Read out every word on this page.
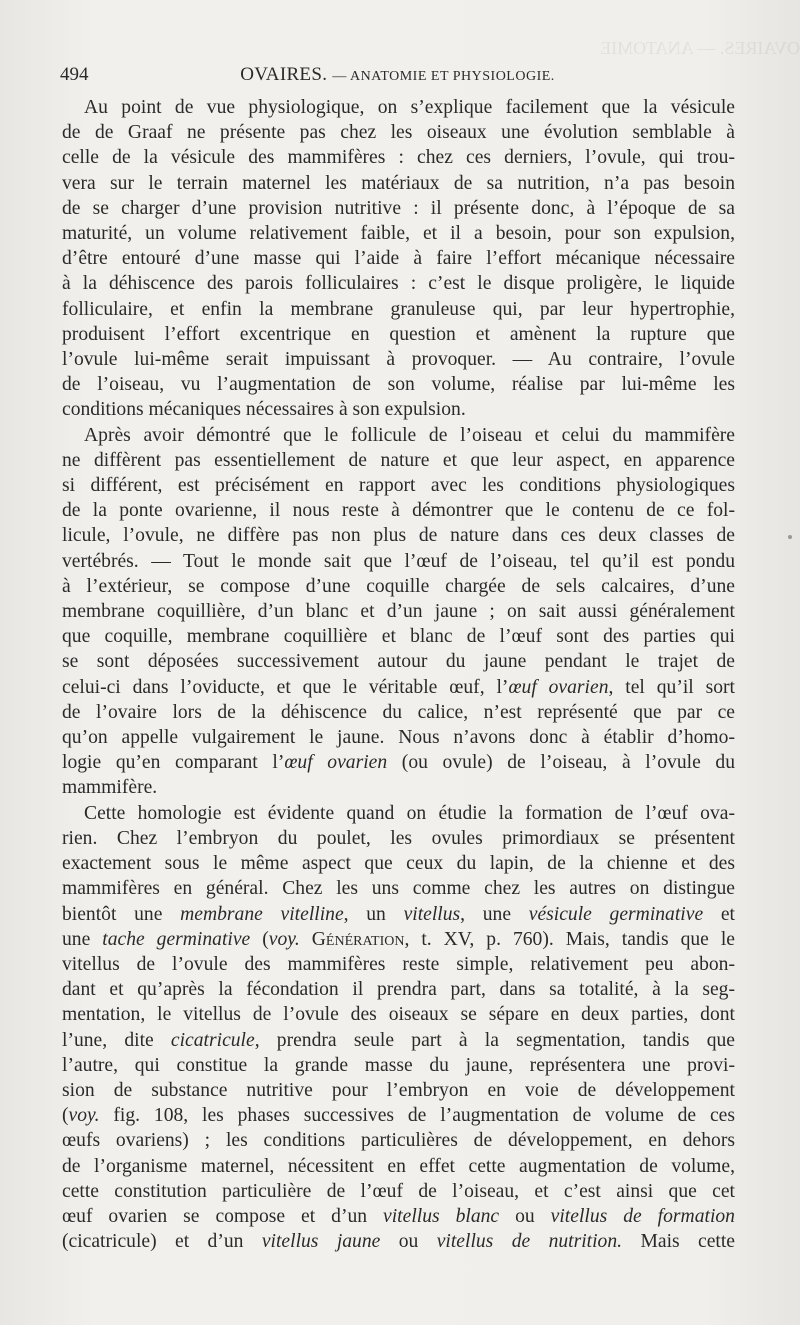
OVAIRES. — ANATOMIE
494	OVAIRES. — ANATOMIE ET PHYSIOLOGIE.

Au point de vue physiologique, on s’explique facilement que la vésicule
de de Graaf ne présente pas chez les oiseaux une évolution semblable à
celle de la vésicule des mammifères : chez ces derniers, l’ovule, qui trou-
vera sur le terrain maternel les matériaux de sa nutrition, n’a pas besoin
de se charger d’une provision nutritive : il présente donc, à l’époque de sa
maturité, un volume relativement faible, et il a besoin, pour son expulsion,
d’être entouré d’une masse qui l’aide à faire l’effort mécanique nécessaire
à la déhiscence des parois folliculaires : c’est le disque proligère, le liquide
folliculaire, et enfin la membrane granuleuse qui, par leur hypertrophie,
produisent l’effort excentrique en question et amènent la rupture que
l’ovule lui-même serait impuissant à provoquer. — Au contraire, l’ovule
de l’oiseau, vu l’augmentation de son volume, réalise par lui-même les
conditions mécaniques nécessaires à son expulsion.

Après avoir démontré que le follicule de l’oiseau et celui du mammifère
ne diffèrent pas essentiellement de nature et que leur aspect, en apparence
si différent, est précisément en rapport avec les conditions physiologiques
de la ponte ovarienne, il nous reste à démontrer que le contenu de ce fol-
licule, l’ovule, ne diffère pas non plus de nature dans ces deux classes de
vertébrés. — Tout le monde sait que l’œuf de l’oiseau, tel qu’il est pondu
à l’extérieur, se compose d’une coquille chargée de sels calcaires, d’une
membrane coquillière, d’un blanc et d’un jaune ; on sait aussi généralement
que coquille, membrane coquillière et blanc de l’œuf sont des parties qui
se sont déposées successivement autour du jaune pendant le trajet de
celui-ci dans l’oviducte, et que le véritable œuf, l’œuf ovarien, tel qu’il sort
de l’ovaire lors de la déhiscence du calice, n’est représenté que par ce
qu’on appelle vulgairement le jaune. Nous n’avons donc à établir d’homo-
logie qu’en comparant l’œuf ovarien (ou ovule) de l’oiseau, à l’ovule du
mammifère.

Cette homologie est évidente quand on étudie la formation de l’œuf ova-
rien. Chez l’embryon du poulet, les ovules primordiaux se présentent
exactement sous le même aspect que ceux du lapin, de la chienne et des
mammifères en général. Chez les uns comme chez les autres on distingue
bientôt une membrane vitelline, un vitellus, une vésicule germinative et
une tache germinative (voy. Génération, t. XV, p. 760). Mais, tandis que le
vitellus de l’ovule des mammifères reste simple, relativement peu abon-
dant et qu’après la fécondation il prendra part, dans sa totalité, à la seg-
mentation, le vitellus de l’ovule des oiseaux se sépare en deux parties, dont
l’une, dite cicatricule, prendra seule part à la segmentation, tandis que
l’autre, qui constitue la grande masse du jaune, représentera une provi-
sion de substance nutritive pour l’embryon en voie de développement
(voy. fig. 108, les phases successives de l’augmentation de volume de ces
œufs ovariens) ; les conditions particulières de développement, en dehors
de l’organisme maternel, nécessitent en effet cette augmentation de volume,
cette constitution particulière de l’œuf de l’oiseau, et c’est ainsi que cet
œuf ovarien se compose et d’un vitellus blanc ou vitellus de formation
(cicatricule) et d’un vitellus jaune ou vitellus de nutrition. Mais cette
